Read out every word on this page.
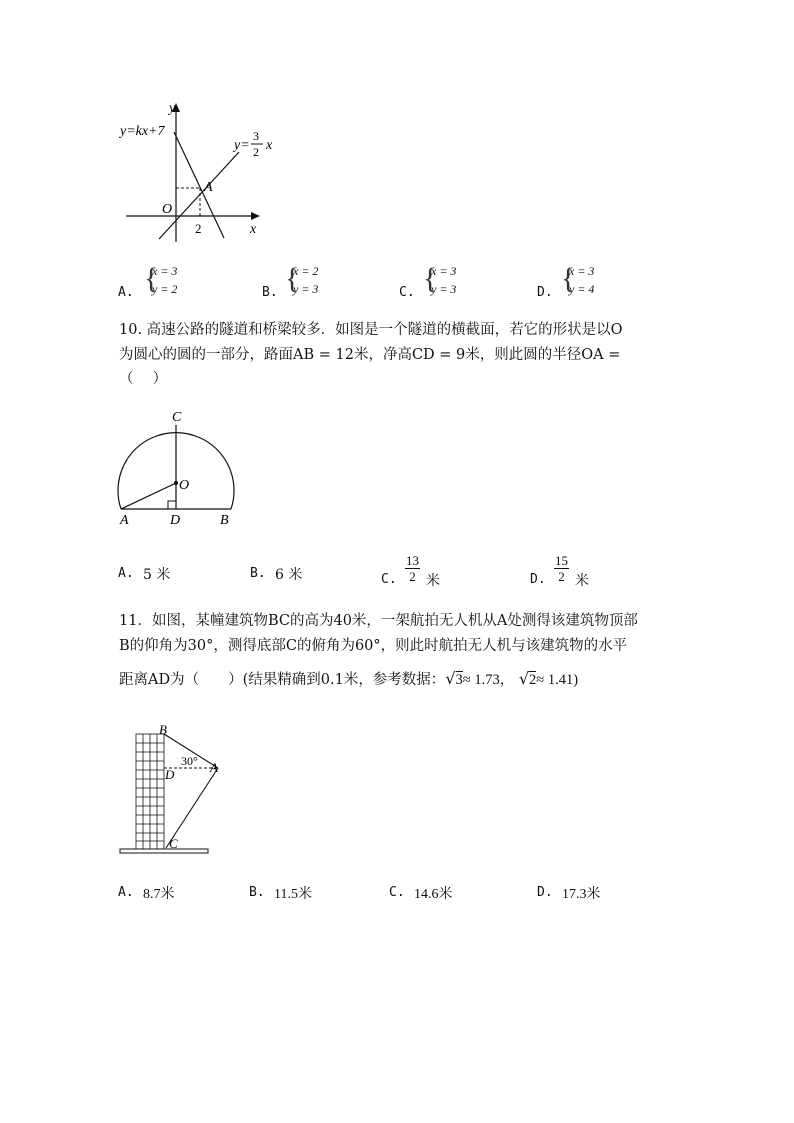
y
x
y=kx+7
O
A
2
y=
3
2 x
A. {
x = 3
y = 2	B. {
x = 2
y = 3	C. {
x = 3
y = 3	D. {
x = 3
y = 4
10. 高速公路的隧道和桥梁较多．如图是一个隧道的横截面，若它的形状是以O
为圆心的圆的一部分，路面AB = 12米，净高CD = 9米，则此圆的半径OA =
（　 ）
C
O
A	D	B
A. 5 米	B. 6 米	C. $\frac{13}{2}$ 米	D. $\frac{15}{2}$ 米
11．如图，某幢建筑物BC的高为40米，一架航拍无人机从A处测得该建筑物顶部
B的仰角为30°，测得底部C的俯角为60°，则此时航拍无人机与该建筑物的水平
距离AD为（　　）(结果精确到0.1米，参考数据：√3≈ 1.73， √2≈ 1.41)
B
D	A
C
30°
A. 8.7米	B. 11.5米	C. 14.6米	D. 17.3米
